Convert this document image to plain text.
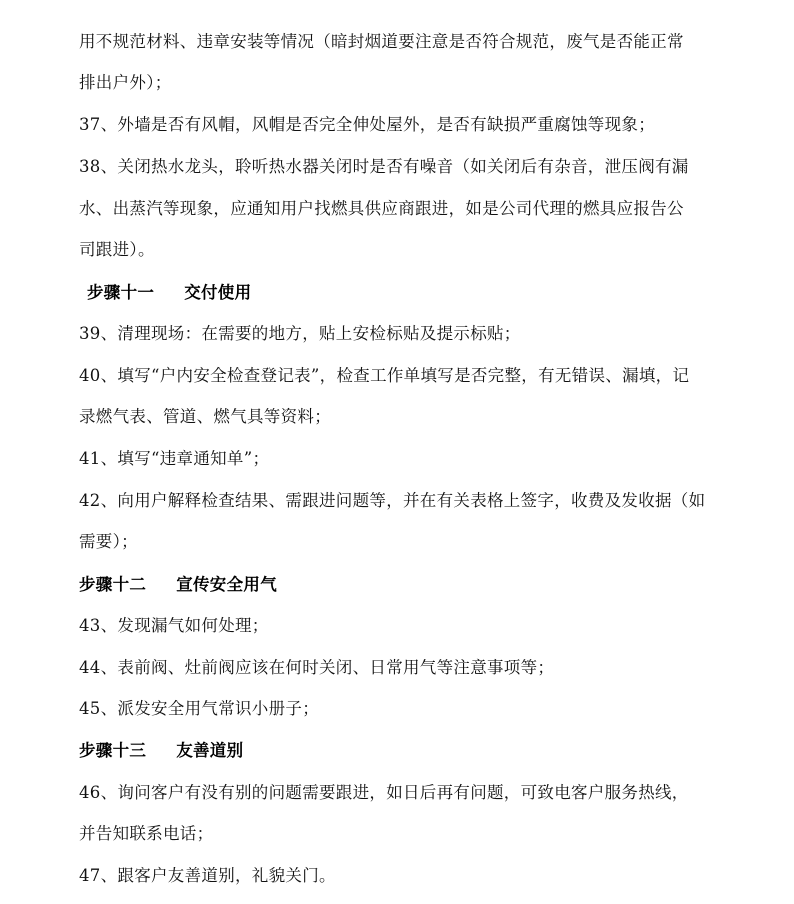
用不规范材料、违章安装等情况（暗封烟道要注意是否符合规范，废气是否能正常
排出户外）；
37、外墙是否有风帽，风帽是否完全伸处屋外，是否有缺损严重腐蚀等现象；
38、关闭热水龙头，聆听热水器关闭时是否有噪音（如关闭后有杂音，泄压阀有漏
水、出蒸汽等现象，应通知用户找燃具供应商跟进，如是公司代理的燃具应报告公
司跟进）。
步骤十一 交付使用
39、清理现场：在需要的地方，贴上安检标贴及提示标贴；
40、填写“户内安全检查登记表”，检查工作单填写是否完整，有无错误、漏填，记
录燃气表、管道、燃气具等资料；
41、填写“违章通知单”；
42、向用户解释检查结果、需跟进问题等，并在有关表格上签字，收费及发收据（如
需要）；
步骤十二 宣传安全用气
43、发现漏气如何处理；
44、表前阀、灶前阀应该在何时关闭、日常用气等注意事项等；
45、派发安全用气常识小册子；
步骤十三 友善道别
46、询问客户有没有别的问题需要跟进，如日后再有问题，可致电客户服务热线，
并告知联系电话；
47、跟客户友善道别，礼貌关门。
